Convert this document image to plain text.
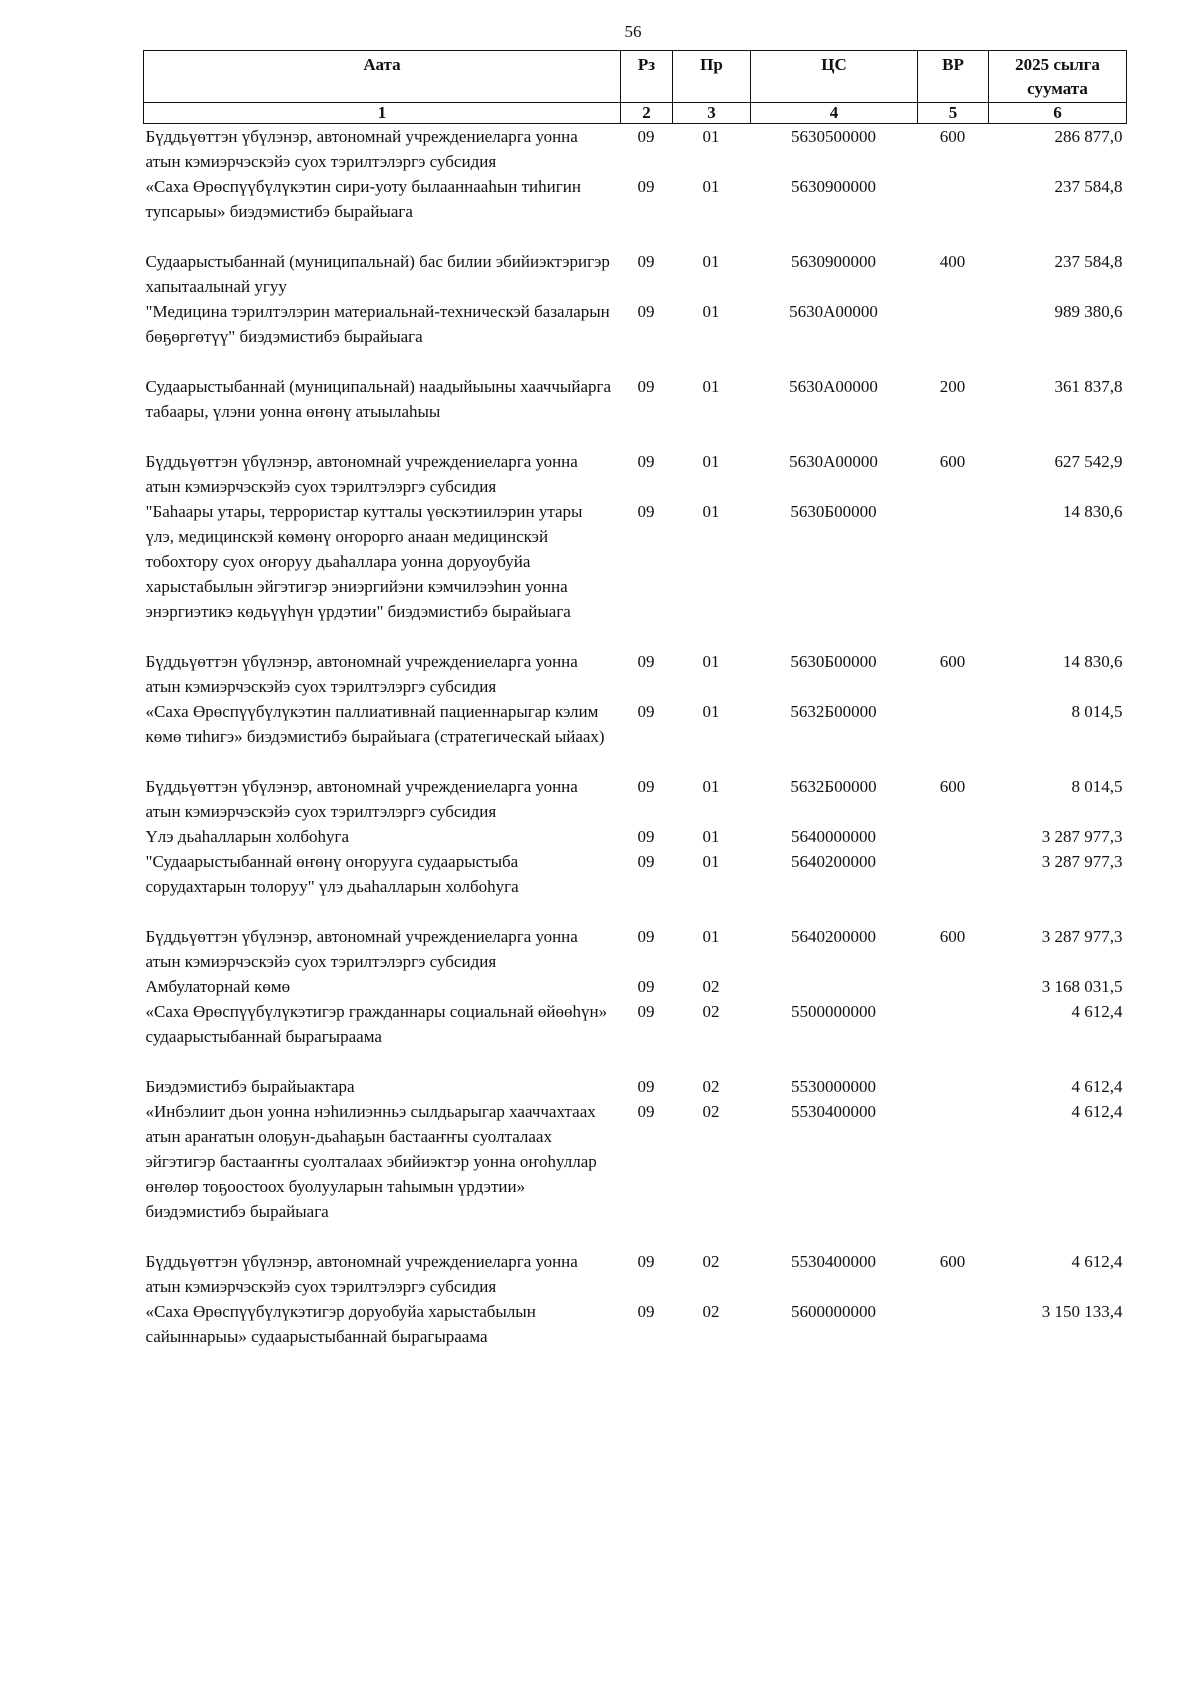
56
Аата	Рз	Пр	ЦС	ВР	2025 сылга суумата
1	2	3	4	5	6
Бүддьүөттэн үбүлэнэр, автономнай учреждениеларга уонна атын кэмиэрчэскэйэ суох тэрилтэлэргэ субсидия	09	01	5630500000	600	286 877,0
«Саха Өрөспүүбүлүкэтин сири-уоту былааннааһын тиһигин тупсарыы» биэдэмистибэ бырайыага	09	01	5630900000		237 584,8
Судаарыстыбаннай (муниципальнай) бас билии эбийиэктэригэр хапытаалынай угуу	09	01	5630900000	400	237 584,8
"Медицина тэрилтэлэрин материальнай-техническэй базаларын бөҕөргөтүү" биэдэмистибэ бырайыага	09	01	5630А00000		989 380,6
Судаарыстыбаннай (муниципальнай) наадыйыыны хааччыйарга табаары, үлэни уонна өҥөнү атыылаһыы	09	01	5630А00000	200	361 837,8
Бүддьүөттэн үбүлэнэр, автономнай учреждениеларга уонна атын кэмиэрчэскэйэ суох тэрилтэлэргэ субсидия	09	01	5630А00000	600	627 542,9
"Баһаары утары, террористар кутталы үөскэтиилэрин утары үлэ, медицинскэй көмөнү оҥорорго анаан медицинскэй тобохтору суох оҥоруу дьаһаллара уонна доруоубуйа харыстабылын эйгэтигэр эниэргийэни кэмчилээһин уонна энэргиэтикэ көдьүүһүн үрдэтии" биэдэмистибэ бырайыага	09	01	5630Б00000		14 830,6
Бүддьүөттэн үбүлэнэр, автономнай учреждениеларга уонна атын кэмиэрчэскэйэ суох тэрилтэлэргэ субсидия	09	01	5630Б00000	600	14 830,6
«Саха Өрөспүүбүлүкэтин паллиативнай пациеннарыгар кэлим көмө тиһигэ» биэдэмистибэ бырайыага (стратегическай ыйаах)	09	01	5632Б00000		8 014,5
Бүддьүөттэн үбүлэнэр, автономнай учреждениеларга уонна атын кэмиэрчэскэйэ суох тэрилтэлэргэ субсидия	09	01	5632Б00000	600	8 014,5
Үлэ дьаһалларын холбоһуга	09	01	5640000000		3 287 977,3
"Судаарыстыбаннай өҥөнү оҥорууга судаарыстыба сорудахтарын толоруу" үлэ дьаһалларын холбоһуга	09	01	5640200000		3 287 977,3
Бүддьүөттэн үбүлэнэр, автономнай учреждениеларга уонна атын кэмиэрчэскэйэ суох тэрилтэлэргэ субсидия	09	01	5640200000	600	3 287 977,3
Амбулаторнай көмө	09	02			3 168 031,5
«Саха Өрөспүүбүлүкэтигэр гражданнары социальнай өйөөһүн» судаарыстыбаннай бырагыраама	09	02	5500000000		4 612,4
Биэдэмистибэ бырайыактара	09	02	5530000000		4 612,4
«Инбэлиит дьон уонна нэһилиэнньэ сылдьарыгар хааччахтаах атын араҥатын олоҕун-дьаһаҕын бастааҥҥы суолталаах эйгэтигэр бастааҥҥы суолталаах эбийиэктэр уонна оҥоһуллар өҥөлөр тоҕоостоох буолууларын таһымын үрдэтии» биэдэмистибэ бырайыага	09	02	5530400000		4 612,4
Бүддьүөттэн үбүлэнэр, автономнай учреждениеларга уонна атын кэмиэрчэскэйэ суох тэрилтэлэргэ субсидия	09	02	5530400000	600	4 612,4
«Саха Өрөспүүбүлүкэтигэр доруобуйа харыстабылын сайыннарыы» судаарыстыбаннай бырагыраама	09	02	5600000000		3 150 133,4
